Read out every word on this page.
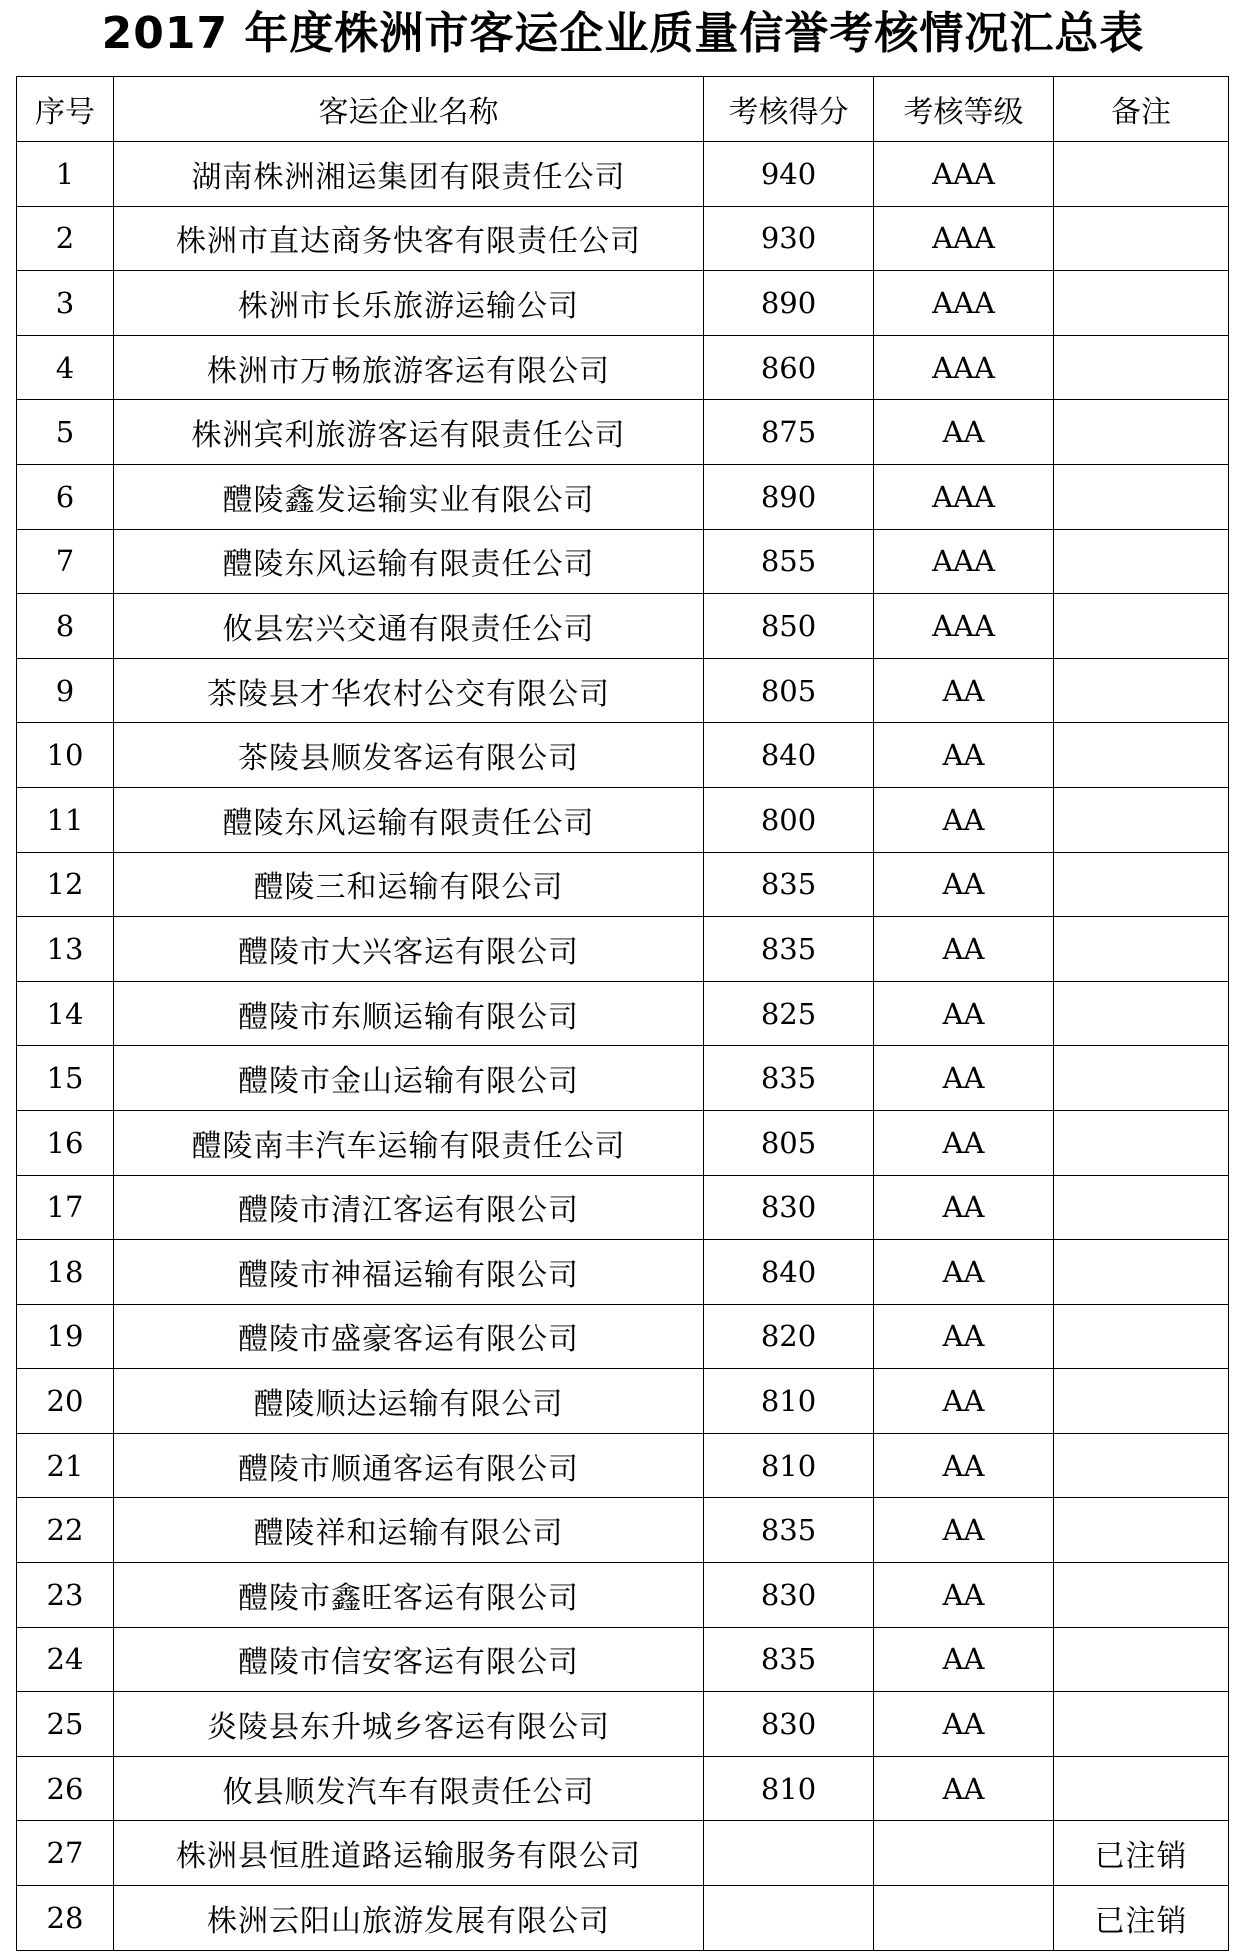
2017 年度株洲市客运企业质量信誉考核情况汇总表
序号	客运企业名称	考核得分	考核等级	备注
1	湖南株洲湘运集团有限责任公司	940	AAA	
2	株洲市直达商务快客有限责任公司	930	AAA	
3	株洲市长乐旅游运输公司	890	AAA	
4	株洲市万畅旅游客运有限公司	860	AAA	
5	株洲宾利旅游客运有限责任公司	875	AA	
6	醴陵鑫发运输实业有限公司	890	AAA	
7	醴陵东风运输有限责任公司	855	AAA	
8	攸县宏兴交通有限责任公司	850	AAA	
9	茶陵县才华农村公交有限公司	805	AA	
10	茶陵县顺发客运有限公司	840	AA	
11	醴陵东风运输有限责任公司	800	AA	
12	醴陵三和运输有限公司	835	AA	
13	醴陵市大兴客运有限公司	835	AA	
14	醴陵市东顺运输有限公司	825	AA	
15	醴陵市金山运输有限公司	835	AA	
16	醴陵南丰汽车运输有限责任公司	805	AA	
17	醴陵市清江客运有限公司	830	AA	
18	醴陵市神福运输有限公司	840	AA	
19	醴陵市盛豪客运有限公司	820	AA	
20	醴陵顺达运输有限公司	810	AA	
21	醴陵市顺通客运有限公司	810	AA	
22	醴陵祥和运输有限公司	835	AA	
23	醴陵市鑫旺客运有限公司	830	AA	
24	醴陵市信安客运有限公司	835	AA	
25	炎陵县东升城乡客运有限公司	830	AA	
26	攸县顺发汽车有限责任公司	810	AA	
27	株洲县恒胜道路运输服务有限公司			已注销
28	株洲云阳山旅游发展有限公司			已注销
